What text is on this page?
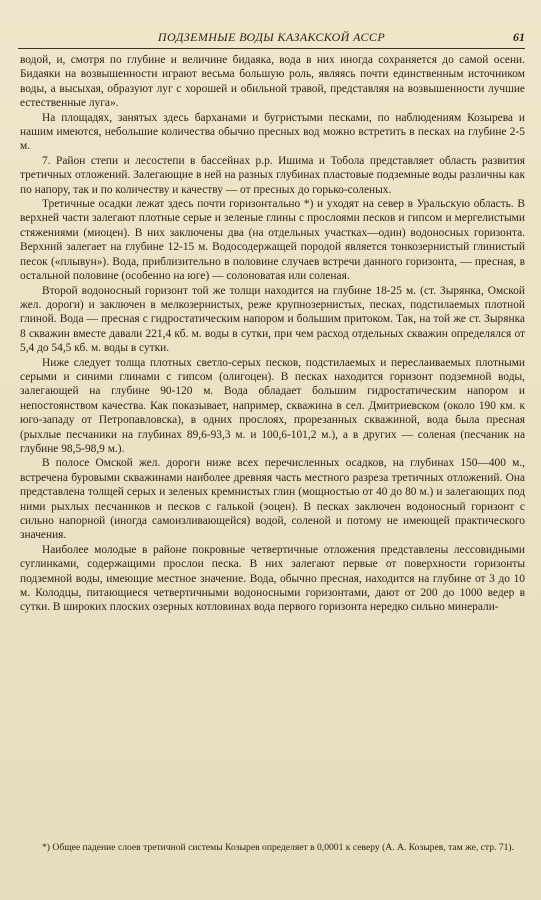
ПОДЗЕМНЫЕ ВОДЫ КАЗАКСКОЙ АССР	61

водой, и, смотря по глубине и величине бидаяка, вода в них иногда сохраняется до самой осени. Бидаяки на возвышенности играют весьма большую роль, являясь почти единственным источником воды, а высыхая, образуют луг с хорошей и обильной травой, представляя на возвышенности лучшие естественные луга».

На площадях, занятых здесь барханами и бугристыми песками, по наблюдениям Козырева и нашим имеются, небольшие количества обычно пресных вод можно встретить в песках на глубине 2-5 м.

7. Район степи и лесостепи в бассейнах р.р. Ишима и Тобола представляет область развития третичных отложений. Залегающие в ней на разных глубинах пластовые подземные воды различны как по напору, так и по количеству и качеству — от пресных до горько-соленых.

Третичные осадки лежат здесь почти горизонтально *) и уходят на север в Уральскую область. В верхней части залегают плотные серые и зеленые глины с прослоями песков и гипсом и мергелистыми стяжениями (миоцен). В них заключены два (на отдельных участках—один) водоносных горизонта. Верхний залегает на глубине 12-15 м. Водосодержащей породой является тонкозернистый глинистый песок («плывун»). Вода, приблизительно в половине случаев встречи данного горизонта, — пресная, в остальной половине (особенно на юге) — солоноватая или соленая.

Второй водоносный горизонт той же толщи находится на глубине 18-25 м. (ст. Зырянка, Омской жел. дороги) и заключен в мелкозернистых, реже крупнозернистых, песках, подстилаемых плотной глиной. Вода — пресная с гидростатическим напором и большим притоком. Так, на той же ст. Зырянка 8 скважин вместе давали 221,4 кб. м. воды в сутки, при чем расход отдельных скважин определялся от 5,4 до 54,5 кб. м. воды в сутки.

Ниже следует толща плотных светло-серых песков, подстилаемых и переслаиваемых плотными серыми и синими глинами с гипсом (олигоцен). В песках находится горизонт подземной воды, залегающей на глубине 90-120 м. Вода обладает большим гидростатическим напором и непостоянством качества. Как показывает, например, скважина в сел. Дмитриевском (около 190 км. к юго-западу от Петропавловска), в одних прослоях, прорезанных скважиной, вода была пресная (рыхлые песчаники на глубинах 89,6-93,3 м. и 100,6-101,2 м.), а в других — соленая (песчаник на глубине 98,5-98,9 м.).

В полосе Омской жел. дороги ниже всех перечисленных осадков, на глубинах 150—400 м., встречена буровыми скважинами наиболее древняя часть местного разреза третичных отложений. Она представлена толщей серых и зеленых кремнистых глин (мощностью от 40 до 80 м.) и залегающих под ними рыхлых песчаников и песков с галькой (эоцен). В песках заключен водоносный горизонт с сильно напорной (иногда самоизливающейся) водой, соленой и потому не имеющей практического значения.

Наиболее молодые в районе покровные четвертичные отложения представлены лессовидными суглинками, содержащими прослои песка. В них залегают первые от поверхности горизонты подземной воды, имеющие местное значение. Вода, обычно пресная, находится на глубине от 3 до 10 м. Колодцы, питающиеся четвертичными водоносными горизонтами, дают от 200 до 1000 ведер в сутки. В широких плоских озерных котловинах вода первого горизонта нередко сильно минерали-

*) Общее падение слоев третичной системы Козырев определяет в 0,0001 к северу (А. А. Козырев, там же, стр. 71).
